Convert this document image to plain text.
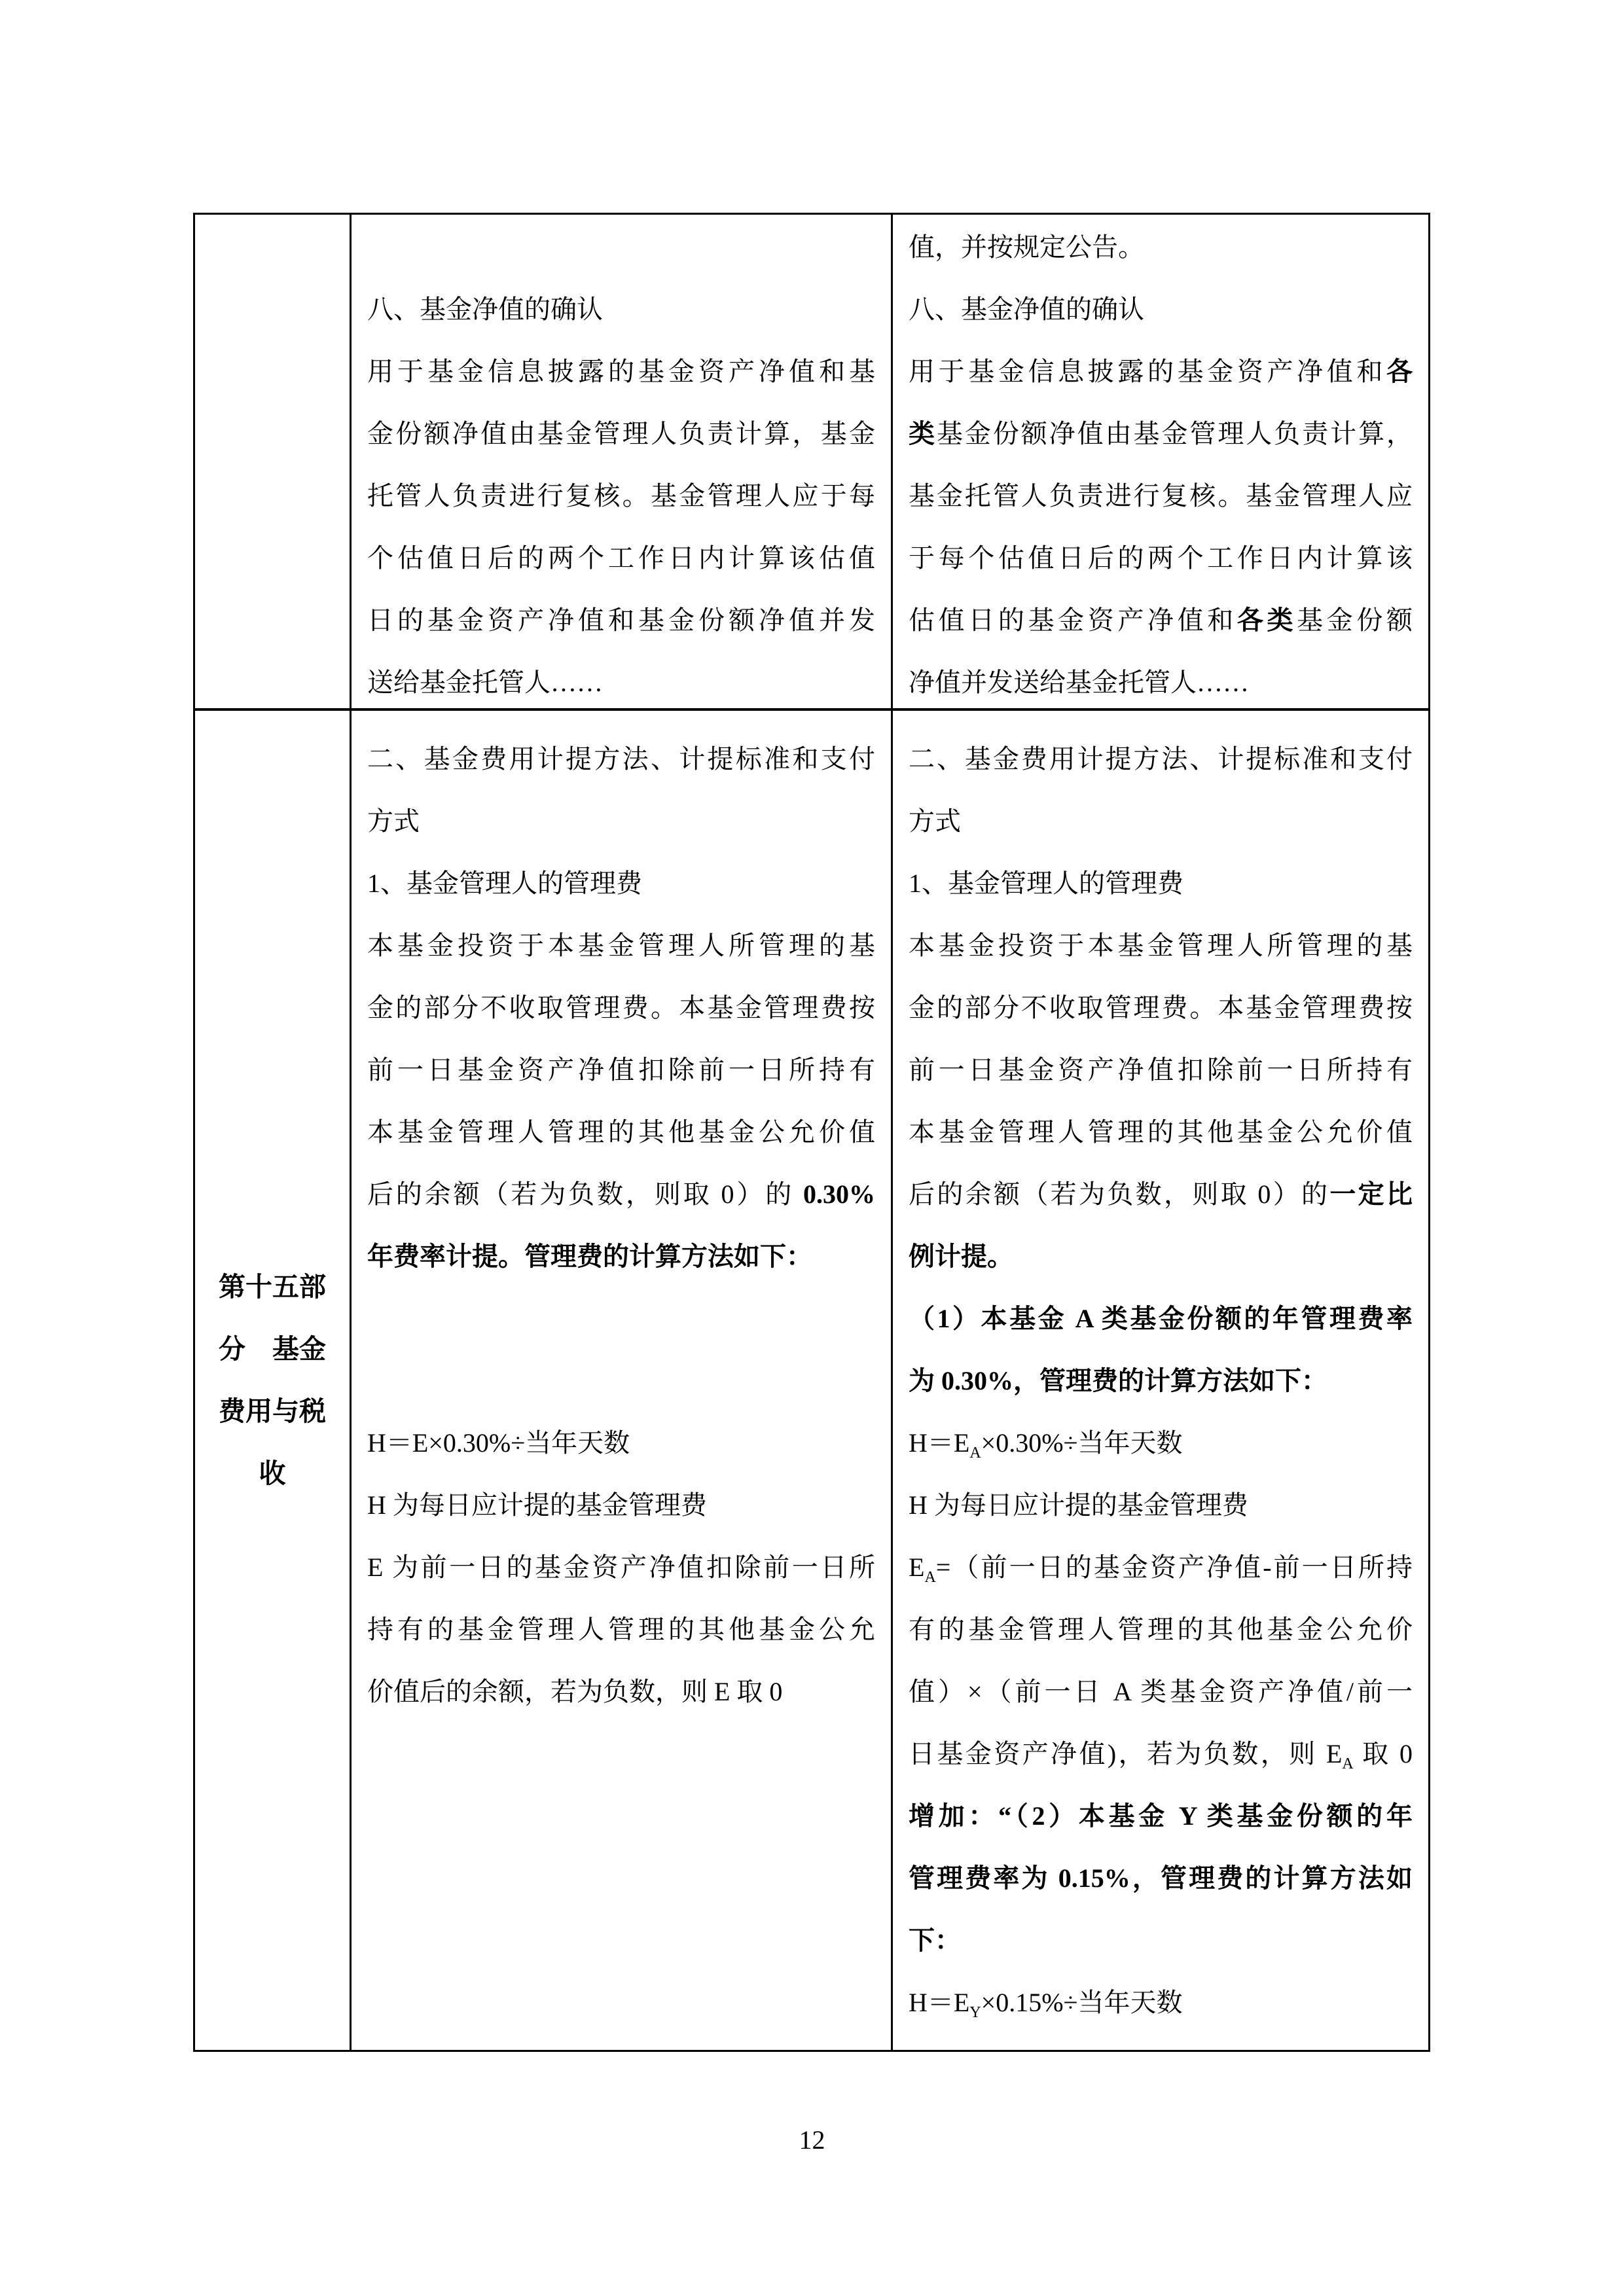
八、基金净值的确认
用于基金信息披露的基金资产净值和基
金份额净值由基金管理人负责计算，基金
托管人负责进行复核。基金管理人应于每
个估值日后的两个工作日内计算该估值
日的基金资产净值和基金份额净值并发
送给基金托管人……
值，并按规定公告。
八、基金净值的确认
用于基金信息披露的基金资产净值和各
类基金份额净值由基金管理人负责计算，
基金托管人负责进行复核。基金管理人应
于每个估值日后的两个工作日内计算该
估值日的基金资产净值和各类基金份额
净值并发送给基金托管人……
第十五部
分　基金
费用与税
收
二、基金费用计提方法、计提标准和支付
方式
1、基金管理人的管理费
本基金投资于本基金管理人所管理的基
金的部分不收取管理费。本基金管理费按
前一日基金资产净值扣除前一日所持有
本基金管理人管理的其他基金公允价值
后的余额（若为负数，则取 0）的 0.30%
年费率计提。管理费的计算方法如下：

H＝E×0.30%÷当年天数
H 为每日应计提的基金管理费
E 为前一日的基金资产净值扣除前一日所
持有的基金管理人管理的其他基金公允
价值后的余额，若为负数，则 E 取 0
二、基金费用计提方法、计提标准和支付
方式
1、基金管理人的管理费
本基金投资于本基金管理人所管理的基
金的部分不收取管理费。本基金管理费按
前一日基金资产净值扣除前一日所持有
本基金管理人管理的其他基金公允价值
后的余额（若为负数，则取 0）的一定比
例计提。
（1）本基金 A 类基金份额的年管理费率
为 0.30%，管理费的计算方法如下：
$H=E_A\times 0.30\%\div$当年天数
H 为每日应计提的基金管理费
$E_A=$（前一日的基金资产净值-前一日所持
有的基金管理人管理的其他基金公允价
值）×（前一日 A 类基金资产净值/前一
日基金资产净值)，若为负数，则 $E_A$ 取 0
增加：“（2）本基金 Y 类基金份额的年
管理费率为 0.15%，管理费的计算方法如
下：
$H=E_Y\times 0.15\%\div$当年天数
12
